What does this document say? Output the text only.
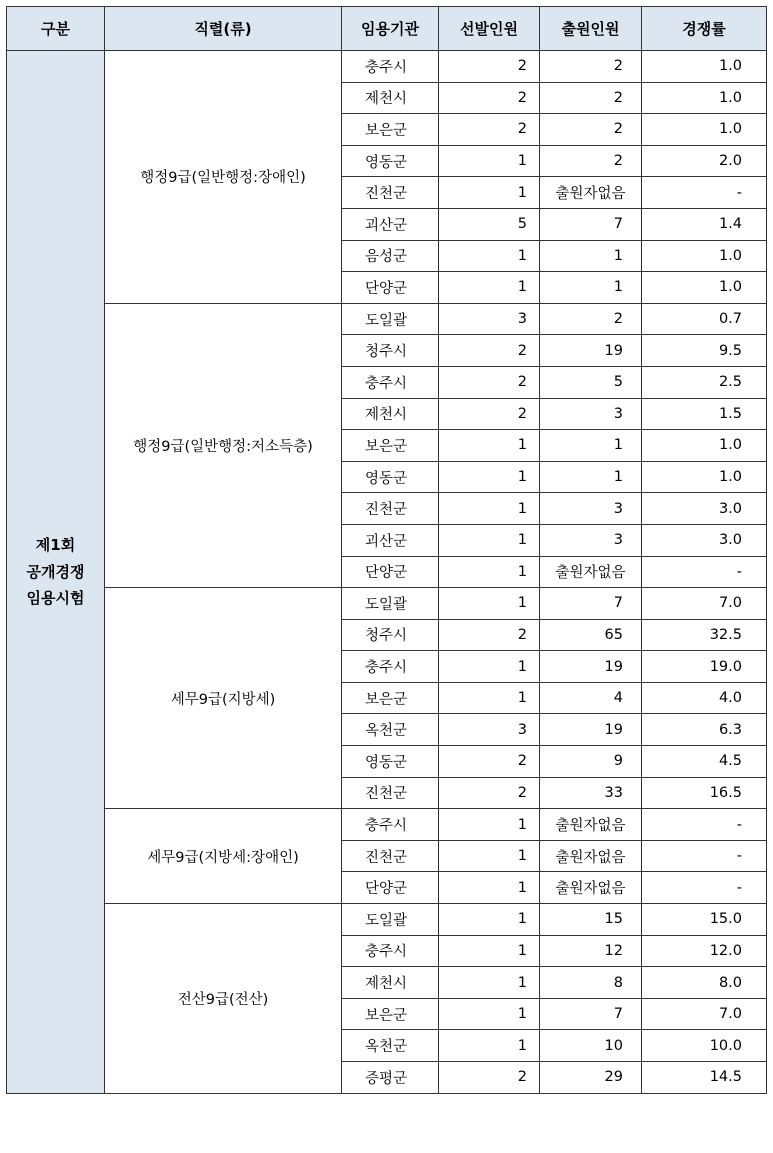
구분	직렬(류)	임용기관	선발인원	출원인원	경쟁률

제1회
공개경쟁
임용시험	행정9급(일반행정:장애인)	충주시	2	2	1.0
		제천시	2	2	1.0
		보은군	2	2	1.0
		영동군	1	2	2.0
		진천군	1	출원자없음	-
		괴산군	5	7	1.4
		음성군	1	1	1.0
		단양군	1	1	1.0
	행정9급(일반행정:저소득층)	도일괄	3	2	0.7
		청주시	2	19	9.5
		충주시	2	5	2.5
		제천시	2	3	1.5
		보은군	1	1	1.0
		영동군	1	1	1.0
		진천군	1	3	3.0
		괴산군	1	3	3.0
		단양군	1	출원자없음	-
	세무9급(지방세)	도일괄	1	7	7.0
		청주시	2	65	32.5
		충주시	1	19	19.0
		보은군	1	4	4.0
		옥천군	3	19	6.3
		영동군	2	9	4.5
		진천군	2	33	16.5
	세무9급(지방세:장애인)	충주시	1	출원자없음	-
		진천군	1	출원자없음	-
		단양군	1	출원자없음	-
	전산9급(전산)	도일괄	1	15	15.0
		충주시	1	12	12.0
		제천시	1	8	8.0
		보은군	1	7	7.0
		옥천군	1	10	10.0
		증평군	2	29	14.5
